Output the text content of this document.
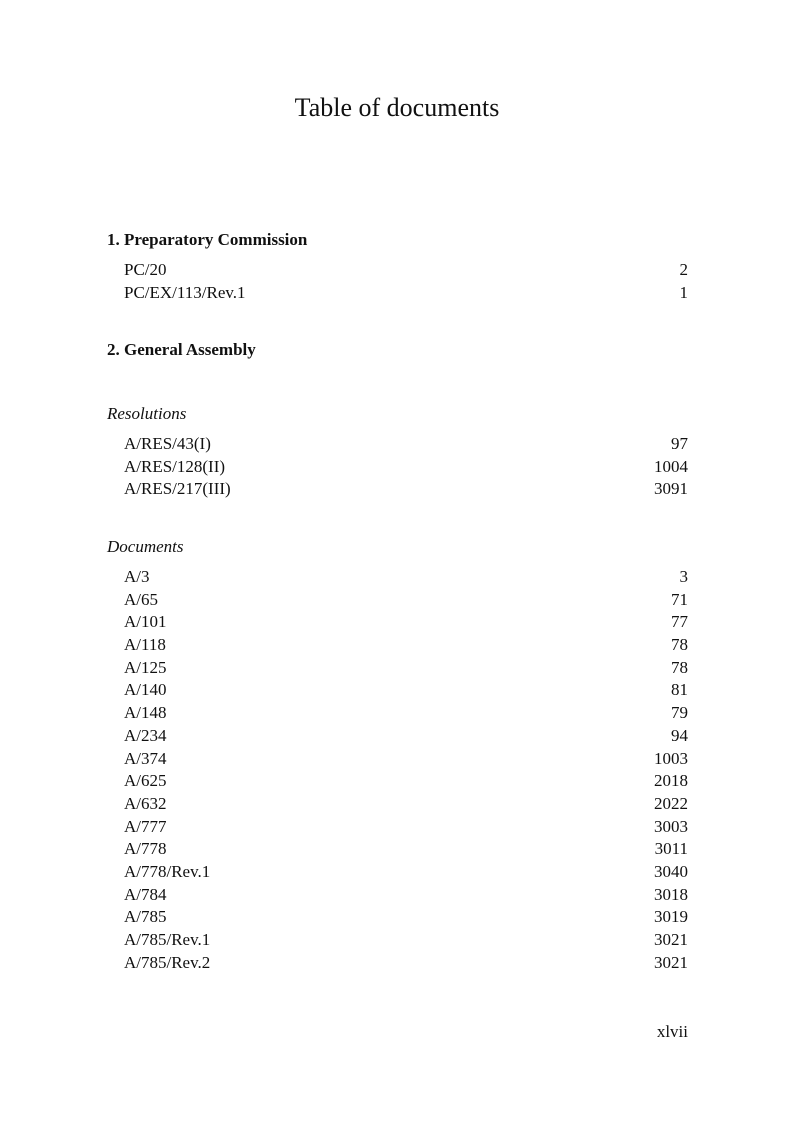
Table of documents
1. Preparatory Commission
PC/20	2
PC/EX/113/Rev.1	1
2. General Assembly
Resolutions
A/RES/43(I)	97
A/RES/128(II)	1004
A/RES/217(III)	3091
Documents
A/3	3
A/65	71
A/101	77
A/118	78
A/125	78
A/140	81
A/148	79
A/234	94
A/374	1003
A/625	2018
A/632	2022
A/777	3003
A/778	3011
A/778/Rev.1	3040
A/784	3018
A/785	3019
A/785/Rev.1	3021
A/785/Rev.2	3021
xlvii
